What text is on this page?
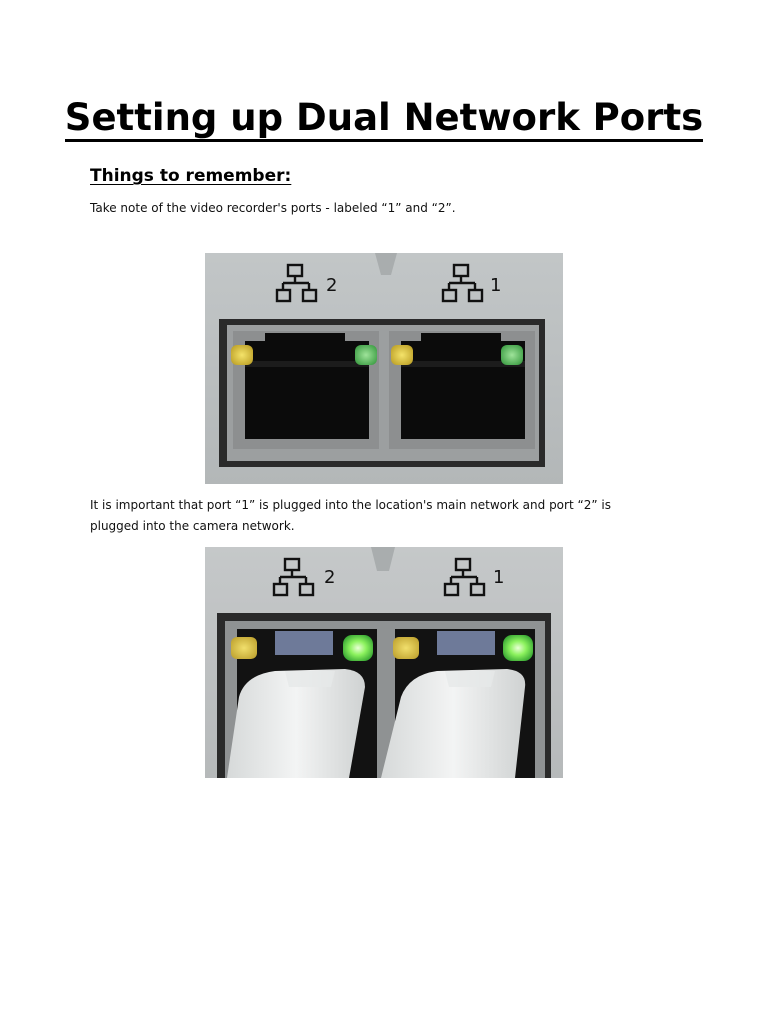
Setting up Dual Network Ports
Things to remember:

Take note of the video recorder's ports - labeled “1” and “2”.

2	1

It is important that port “1” is plugged into the location's main network and port “2” is plugged into the camera network.

2	1
